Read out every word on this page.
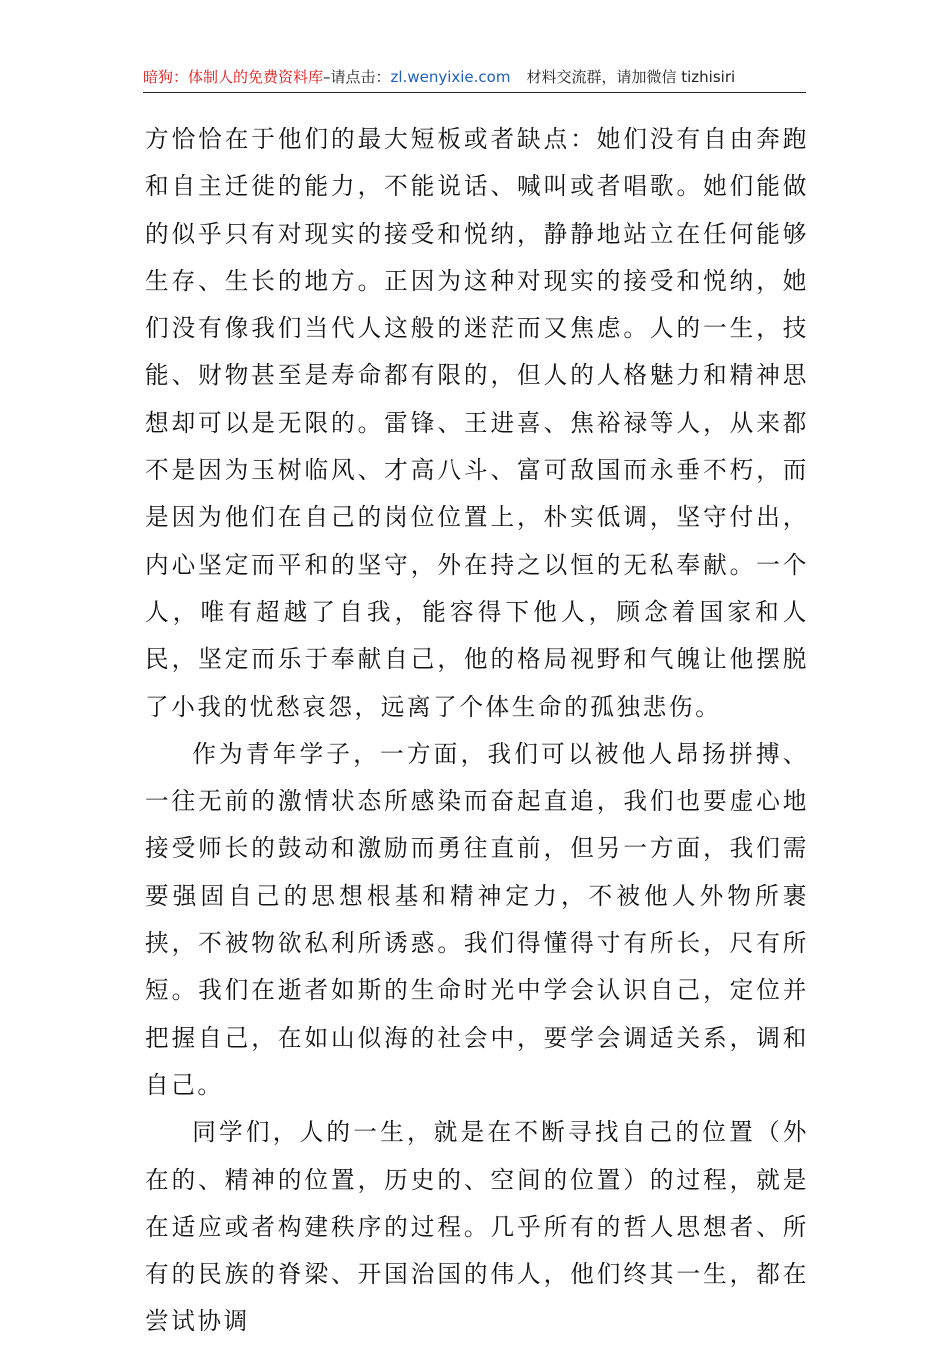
暗狗：体制人的免费资料库–请点击：zl.wenyixie.com 材料交流群，请加微信 tizhisiri

方恰恰在于他们的最大短板或者缺点：她们没有自由奔跑和自主迁徙的能力，不能说话、喊叫或者唱歌。她们能做的似乎只有对现实的接受和悦纳，静静地站立在任何能够生存、生长的地方。正因为这种对现实的接受和悦纳，她们没有像我们当代人这般的迷茫而又焦虑。人的一生，技能、财物甚至是寿命都有限的，但人的人格魅力和精神思想却可以是无限的。雷锋、王进喜、焦裕禄等人，从来都不是因为玉树临风、才高八斗、富可敌国而永垂不朽，而是因为他们在自己的岗位位置上，朴实低调，坚守付出，内心坚定而平和的坚守，外在持之以恒的无私奉献。一个人，唯有超越了自我，能容得下他人，顾念着国家和人民，坚定而乐于奉献自己，他的格局视野和气魄让他摆脱了小我的忧愁哀怨，远离了个体生命的孤独悲伤。

作为青年学子，一方面，我们可以被他人昂扬拼搏、一往无前的激情状态所感染而奋起直追，我们也要虚心地接受师长的鼓动和激励而勇往直前，但另一方面，我们需要强固自己的思想根基和精神定力，不被他人外物所裹挟，不被物欲私利所诱惑。我们得懂得寸有所长，尺有所短。我们在逝者如斯的生命时光中学会认识自己，定位并把握自己，在如山似海的社会中，要学会调适关系，调和自己。

同学们，人的一生，就是在不断寻找自己的位置（外在的、精神的位置，历史的、空间的位置）的过程，就是在适应或者构建秩序的过程。几乎所有的哲人思想者、所有的民族的脊梁、开国治国的伟人，他们终其一生，都在尝试协调
